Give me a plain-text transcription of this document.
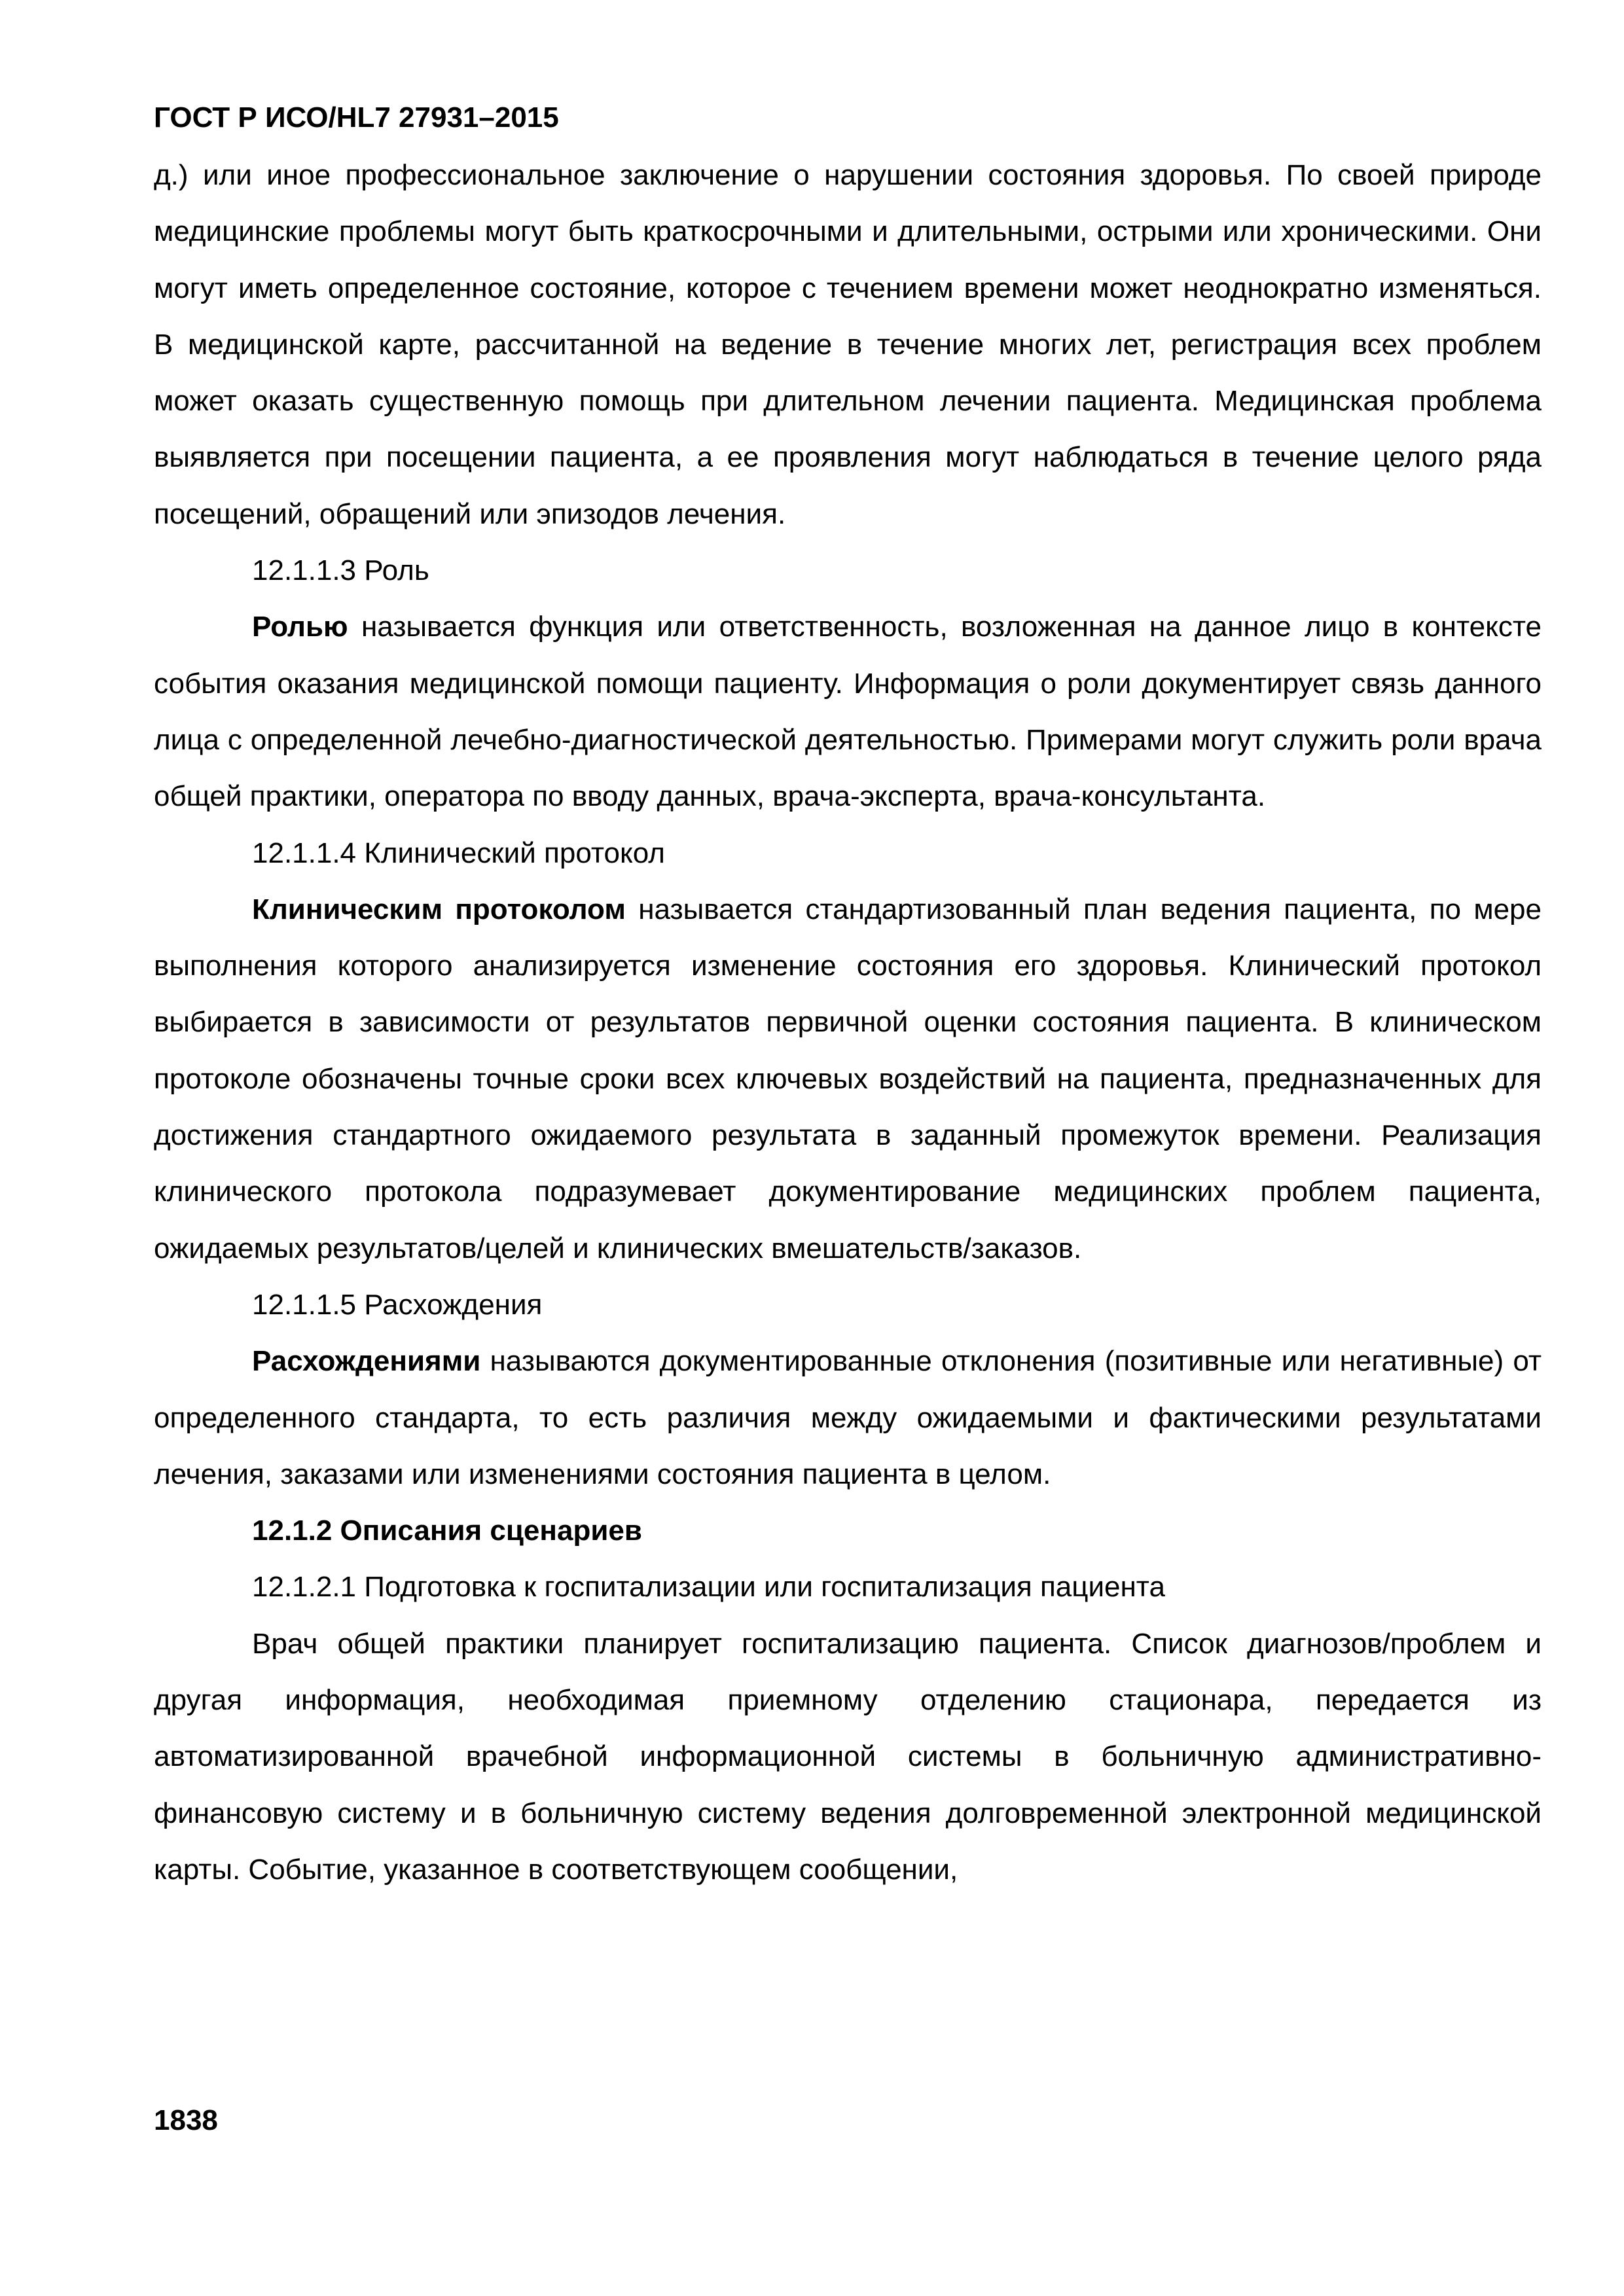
ГОСТ Р ИСО/HL7 27931–2015

д.) или иное профессиональное заключение о нарушении состояния здоровья. По своей природе медицинские проблемы могут быть краткосрочными и длительными, острыми или хроническими. Они могут иметь определенное состояние, которое с течением времени может неоднократно изменяться. В медицинской карте, рассчитанной на ведение в течение многих лет, регистрация всех проблем может оказать существенную помощь при длительном лечении пациента. Медицинская проблема выявляется при посещении пациента, а ее проявления могут наблюдаться в течение целого ряда посещений, обращений или эпизодов лечения.

12.1.1.3 Роль

Ролью называется функция или ответственность, возложенная на данное лицо в контексте события оказания медицинской помощи пациенту. Информация о роли документирует связь данного лица с определенной лечебно-диагностической деятельностью. Примерами могут служить роли врача общей практики, оператора по вводу данных, врача-эксперта, врача-консультанта.

12.1.1.4 Клинический протокол

Клиническим протоколом называется стандартизованный план ведения пациента, по мере выполнения которого анализируется изменение состояния его здоровья. Клинический протокол выбирается в зависимости от результатов первичной оценки состояния пациента. В клиническом протоколе обозначены точные сроки всех ключевых воздействий на пациента, предназначенных для достижения стандартного ожидаемого результата в заданный промежуток времени. Реализация клинического протокола подразумевает документирование медицинских проблем пациента, ожидаемых результатов/целей и клинических вмешательств/заказов.

12.1.1.5 Расхождения

Расхождениями называются документированные отклонения (позитивные или негативные) от определенного стандарта, то есть различия между ожидаемыми и фактическими результатами лечения, заказами или изменениями состояния пациента в целом.

12.1.2 Описания сценариев

12.1.2.1 Подготовка к госпитализации или госпитализация пациента

Врач общей практики планирует госпитализацию пациента. Список диагнозов/проблем и другая информация, необходимая приемному отделению стационара, передается из автоматизированной врачебной информационной системы в больничную административно-финансовую систему и в больничную систему ведения долговременной электронной медицинской карты. Событие, указанное в соответствующем сообщении,

1838
